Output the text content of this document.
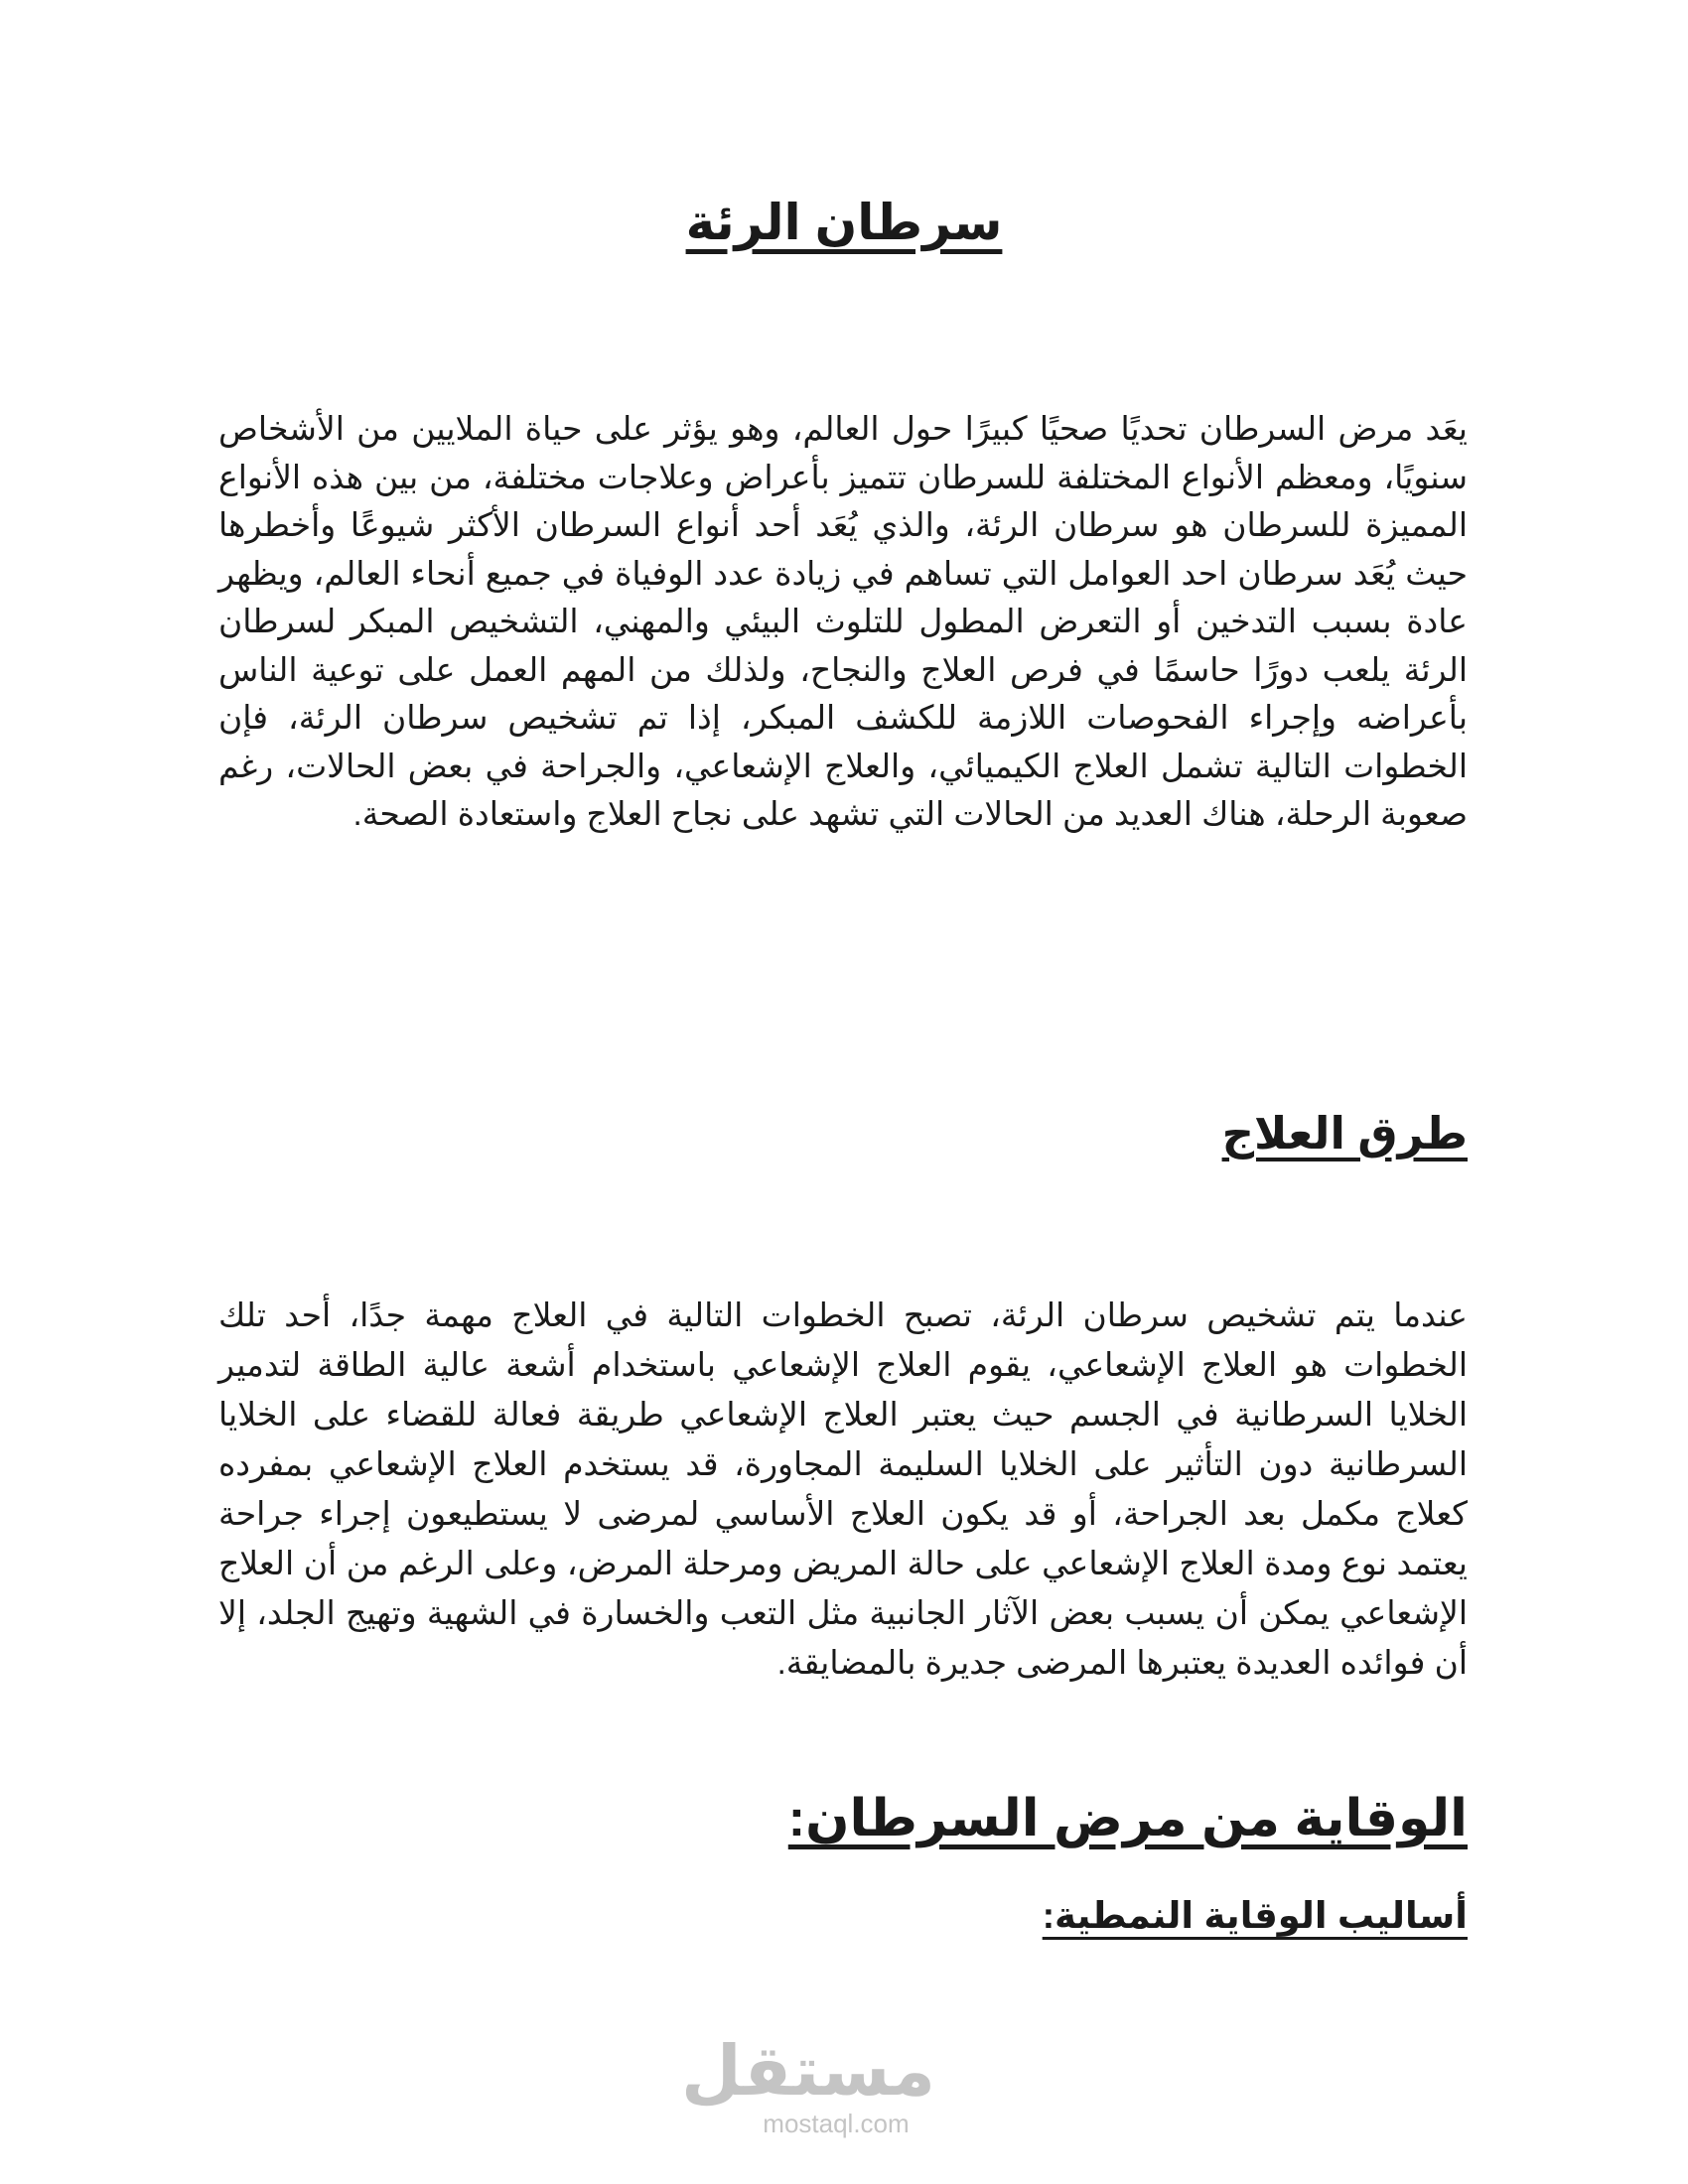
سرطان الرئة

يعَد مرض السرطان تحديًا صحيًا كبيرًا حول العالم، وهو يؤثر على حياة الملايين من الأشخاص سنويًا، ومعظم الأنواع المختلفة للسرطان تتميز بأعراض وعلاجات مختلفة، من بين هذه الأنواع المميزة للسرطان هو سرطان الرئة، والذي يُعَد أحد أنواع السرطان الأكثر شيوعًا وأخطرها حيث يُعَد سرطان احد العوامل التي تساهم في زيادة عدد الوفياة في جميع أنحاء العالم، ويظهر عادة بسبب التدخين أو التعرض المطول للتلوث البيئي والمهني، التشخيص المبكر لسرطان الرئة يلعب دورًا حاسمًا في فرص العلاج والنجاح، ولذلك من المهم العمل على توعية الناس بأعراضه وإجراء الفحوصات اللازمة للكشف المبكر، إذا تم تشخيص سرطان الرئة، فإن الخطوات التالية تشمل العلاج الكيميائي، والعلاج الإشعاعي، والجراحة في بعض الحالات، رغم صعوبة الرحلة، هناك العديد من الحالات التي تشهد على نجاح العلاج واستعادة الصحة.

طرق العلاج

عندما يتم تشخيص سرطان الرئة، تصبح الخطوات التالية في العلاج مهمة جدًا، أحد تلك الخطوات هو العلاج الإشعاعي، يقوم العلاج الإشعاعي باستخدام أشعة عالية الطاقة لتدمير الخلايا السرطانية في الجسم حيث يعتبر العلاج الإشعاعي طريقة فعالة للقضاء على الخلايا السرطانية دون التأثير على الخلايا السليمة المجاورة، قد يستخدم العلاج الإشعاعي بمفرده كعلاج مكمل بعد الجراحة، أو قد يكون العلاج الأساسي لمرضى لا يستطيعون إجراء جراحة يعتمد نوع ومدة العلاج الإشعاعي على حالة المريض ومرحلة المرض، وعلى الرغم من أن العلاج الإشعاعي يمكن أن يسبب بعض الآثار الجانبية مثل التعب والخسارة في الشهية وتهيج الجلد، إلا أن فوائده العديدة يعتبرها المرضى جديرة بالمضايقة.

الوقاية من مرض السرطان:
أساليب الوقاية النمطية:
مستقل
mostaql.com
